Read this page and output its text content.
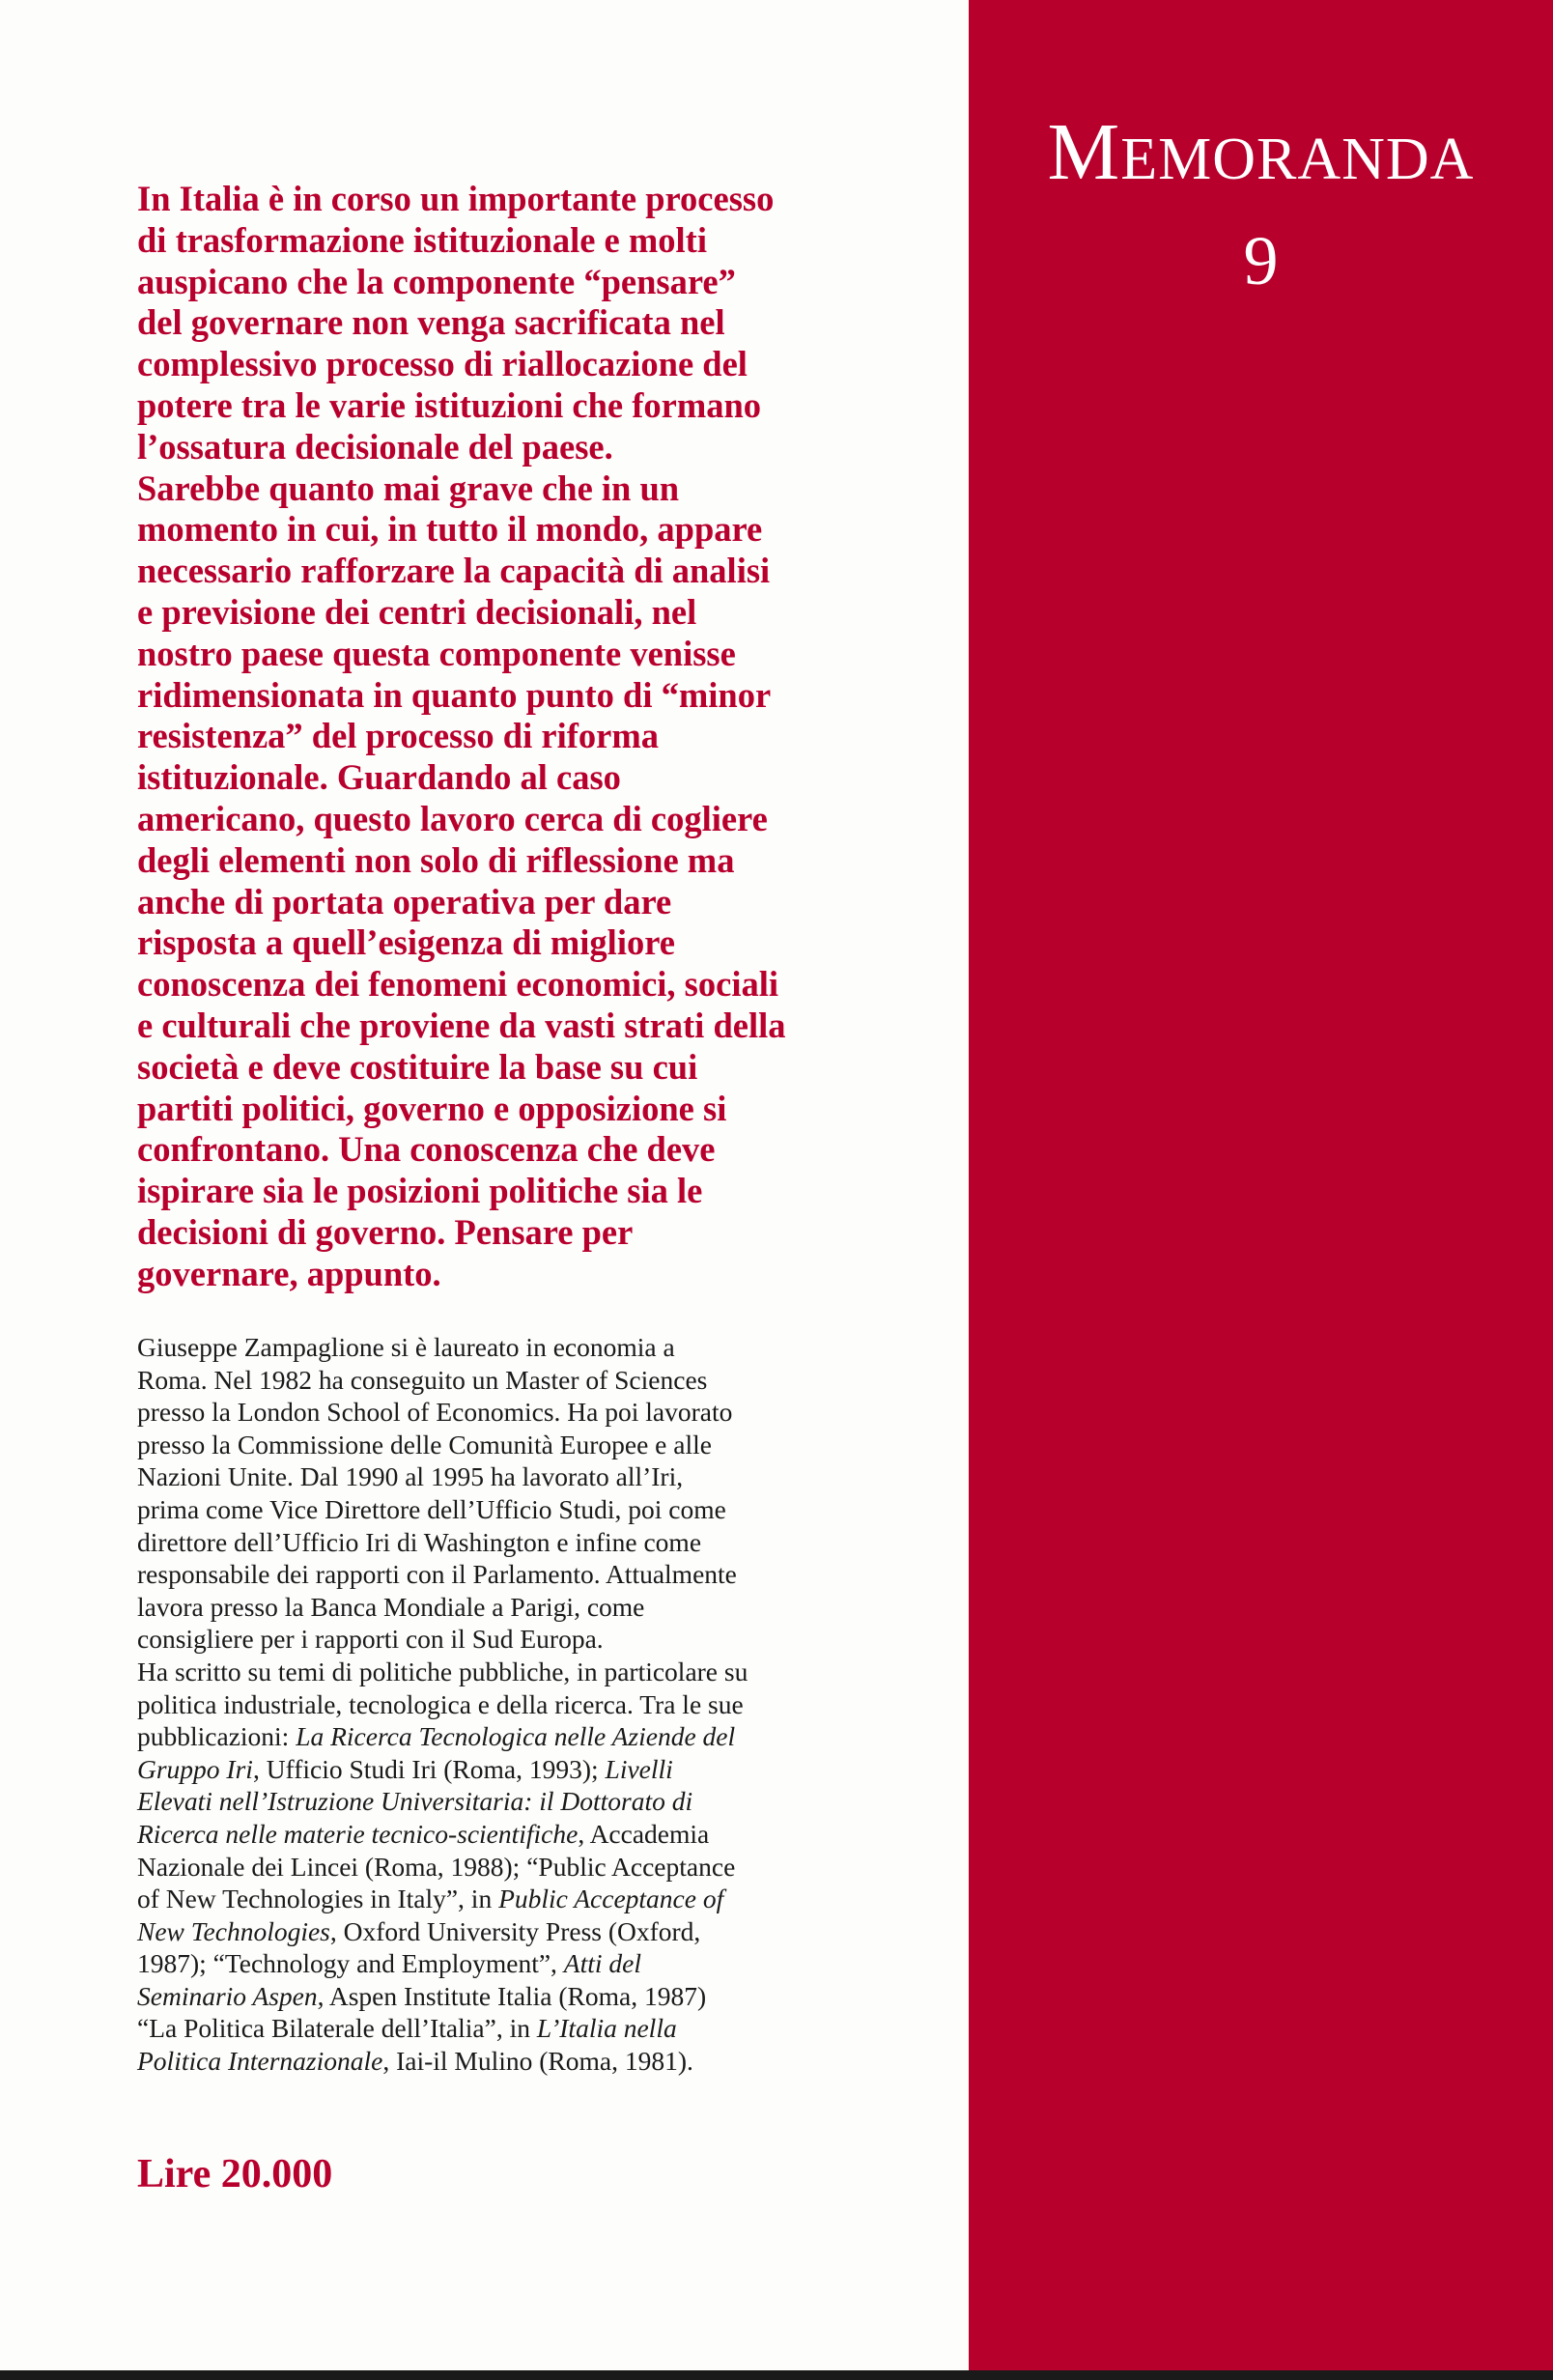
MEMORANDA
9

In Italia è in corso un importante processo
di trasformazione istituzionale e molti
auspicano che la componente “pensare”
del governare non venga sacrificata nel
complessivo processo di riallocazione del
potere tra le varie istituzioni che formano
l’ossatura decisionale del paese.
Sarebbe quanto mai grave che in un
momento in cui, in tutto il mondo, appare
necessario rafforzare la capacità di analisi
e previsione dei centri decisionali, nel
nostro paese questa componente venisse
ridimensionata in quanto punto di “minor
resistenza” del processo di riforma
istituzionale. Guardando al caso
americano, questo lavoro cerca di cogliere
degli elementi non solo di riflessione ma
anche di portata operativa per dare
risposta a quell’esigenza di migliore
conoscenza dei fenomeni economici, sociali
e culturali che proviene da vasti strati della
società e deve costituire la base su cui
partiti politici, governo e opposizione si
confrontano. Una conoscenza che deve
ispirare sia le posizioni politiche sia le
decisioni di governo. Pensare per
governare, appunto.

Giuseppe Zampaglione si è laureato in economia a
Roma. Nel 1982 ha conseguito un Master of Sciences
presso la London School of Economics. Ha poi lavorato
presso la Commissione delle Comunità Europee e alle
Nazioni Unite. Dal 1990 al 1995 ha lavorato all’Iri,
prima come Vice Direttore dell’Ufficio Studi, poi come
direttore dell’Ufficio Iri di Washington e infine come
responsabile dei rapporti con il Parlamento. Attualmente
lavora presso la Banca Mondiale a Parigi, come
consigliere per i rapporti con il Sud Europa.
Ha scritto su temi di politiche pubbliche, in particolare su
politica industriale, tecnologica e della ricerca. Tra le sue
pubblicazioni: La Ricerca Tecnologica nelle Aziende del
Gruppo Iri, Ufficio Studi Iri (Roma, 1993); Livelli
Elevati nell’Istruzione Universitaria: il Dottorato di
Ricerca nelle materie tecnico-scientifiche, Accademia
Nazionale dei Lincei (Roma, 1988); “Public Acceptance
of New Technologies in Italy”, in Public Acceptance of
New Technologies, Oxford University Press (Oxford,
1987); “Technology and Employment”, Atti del
Seminario Aspen, Aspen Institute Italia (Roma, 1987)
“La Politica Bilaterale dell’Italia”, in L’Italia nella
Politica Internazionale, Iai-il Mulino (Roma, 1981).

Lire 20.000
